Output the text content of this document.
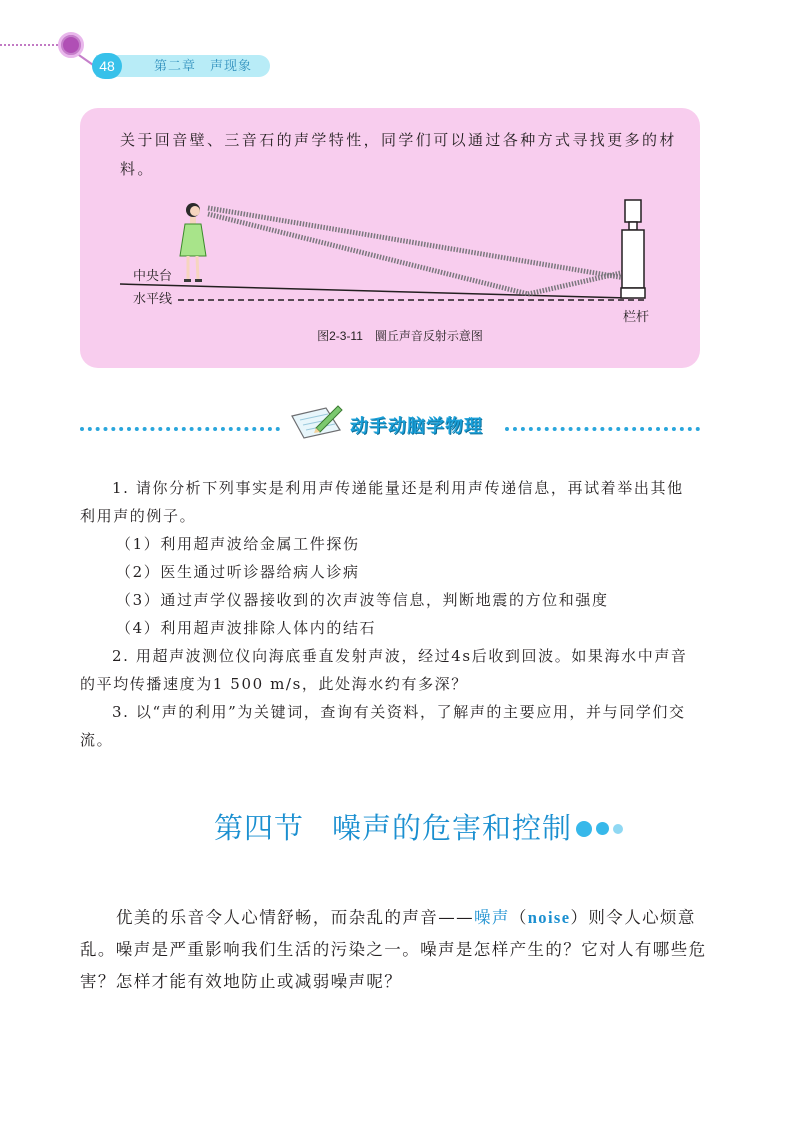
48	第二章　声现象
关于回音壁、三音石的声学特性，同学们可以通过各种方式寻找更多的材料。
中央台
水平线
栏杆
图2-3-11　圜丘声音反射示意图
动手动脑学物理

1. 请你分析下列事实是利用声传递能量还是利用声传递信息，再试着举出其他利用声的例子。

（1）利用超声波给金属工件探伤

（2）医生通过听诊器给病人诊病

（3）通过声学仪器接收到的次声波等信息，判断地震的方位和强度

（4）利用超声波排除人体内的结石

2. 用超声波测位仪向海底垂直发射声波，经过4s后收到回波。如果海水中声音的平均传播速度为1 500 m/s，此处海水约有多深？

3. 以“声的利用”为关键词，查询有关资料，了解声的主要应用，并与同学们交流。

第四节 噪声的危害和控制

优美的乐音令人心情舒畅，而杂乱的声音——噪声（noise）则令人心烦意乱。噪声是严重影响我们生活的污染之一。噪声是怎样产生的？它对人有哪些危害？怎样才能有效地防止或减弱噪声呢？
